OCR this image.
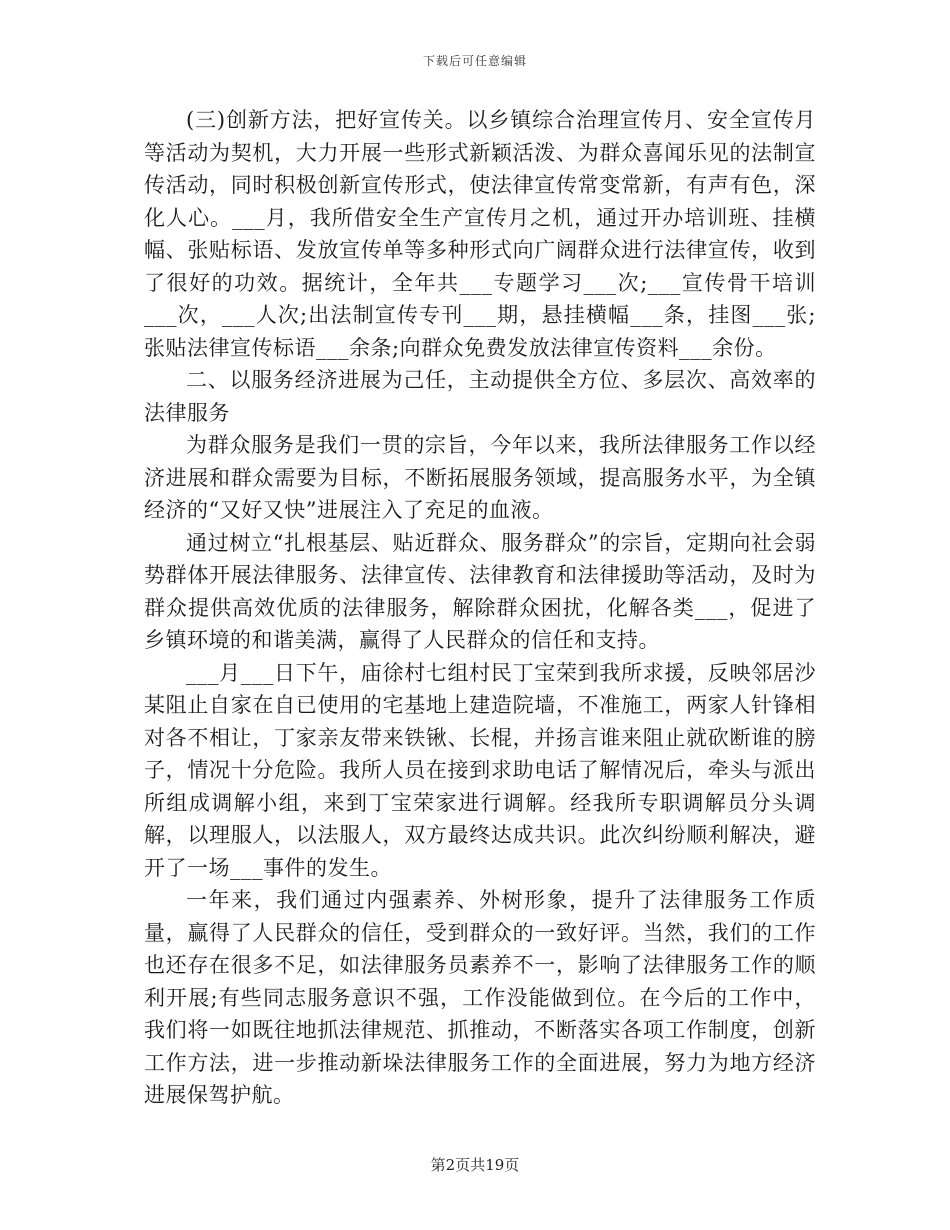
下载后可任意编辑

(三)创新方法，把好宣传关。以乡镇综合治理宣传月、安全宣传月等活动为契机，大力开展一些形式新颖活泼、为群众喜闻乐见的法制宣传活动，同时积极创新宣传形式，使法律宣传常变常新，有声有色，深化人心。___月，我所借安全生产宣传月之机，通过开办培训班、挂横幅、张贴标语、发放宣传单等多种形式向广阔群众进行法律宣传，收到了很好的功效。据统计，全年共___专题学习___次;___宣传骨干培训___次，___人次;出法制宣传专刊___期，悬挂横幅___条，挂图___张;张贴法律宣传标语___余条;向群众免费发放法律宣传资料___余份。

二、以服务经济进展为己任，主动提供全方位、多层次、高效率的法律服务

为群众服务是我们一贯的宗旨，今年以来，我所法律服务工作以经济进展和群众需要为目标，不断拓展服务领域，提高服务水平，为全镇经济的“又好又快”进展注入了充足的血液。

通过树立“扎根基层、贴近群众、服务群众”的宗旨，定期向社会弱势群体开展法律服务、法律宣传、法律教育和法律援助等活动，及时为群众提供高效优质的法律服务，解除群众困扰，化解各类___，促进了乡镇环境的和谐美满，赢得了人民群众的信任和支持。

___月___日下午，庙徐村七组村民丁宝荣到我所求援，反映邻居沙某阻止自家在自已使用的宅基地上建造院墙，不准施工，两家人针锋相对各不相让，丁家亲友带来铁锹、长棍，并扬言谁来阻止就砍断谁的膀子，情况十分危险。我所人员在接到求助电话了解情况后，牵头与派出所组成调解小组，来到丁宝荣家进行调解。经我所专职调解员分头调解，以理服人，以法服人，双方最终达成共识。此次纠纷顺利解决，避开了一场___事件的发生。

一年来，我们通过内强素养、外树形象，提升了法律服务工作质量，赢得了人民群众的信任，受到群众的一致好评。当然，我们的工作也还存在很多不足，如法律服务员素养不一，影响了法律服务工作的顺利开展;有些同志服务意识不强，工作没能做到位。在今后的工作中，我们将一如既往地抓法律规范、抓推动，不断落实各项工作制度，创新工作方法，进一步推动新垛法律服务工作的全面进展，努力为地方经济进展保驾护航。

第2页共19页
